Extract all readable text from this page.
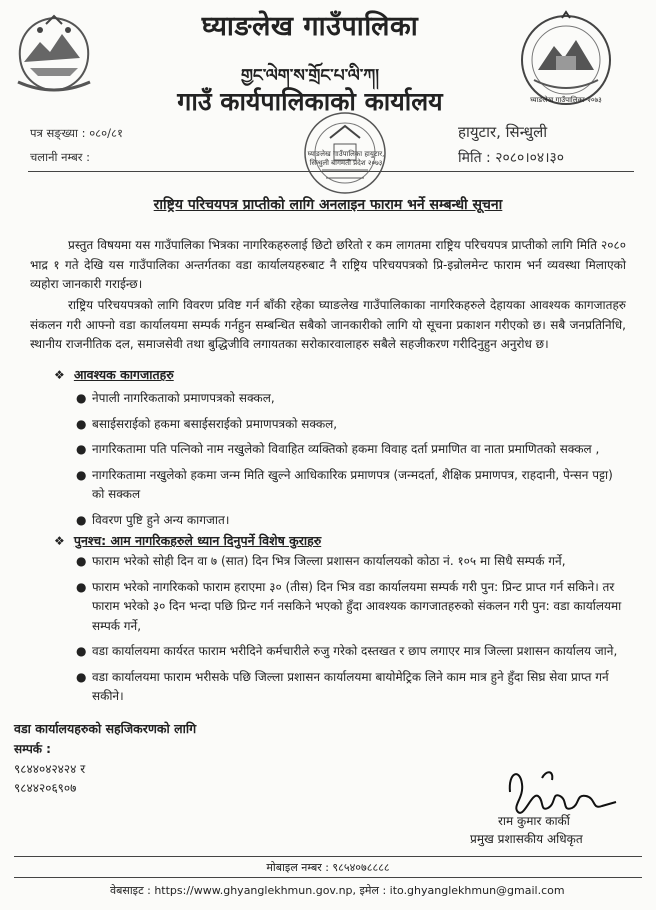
घ्याङलेख गाउँपालिका-२०७३
घ्याङलेख गाउँपालिका हायुटार, सिन्धुली बागमती प्रदेश २०७३
घ्याङलेख गाउँपालिका
གྱང་ལེག་ས་གྲོང་པ་ལི་ཀ།
गाउँ कार्यपालिकाको कार्यालय
पत्र सङ्ख्या : ०८०/८१
चलानी नम्बर :
हायुटार, सिन्धुली
मिति : २०८०।०४।३०
राष्ट्रिय परिचयपत्र प्राप्तीको लागि अनलाइन फाराम भर्ने सम्बन्धी सूचना
प्रस्तुत विषयमा यस गाउँपालिका भित्रका नागरिकहरुलाई छिटो छरितो र कम लागतमा राष्ट्रिय परिचयपत्र प्राप्तीको लागि मिति २०८० भाद्र १ गते देखि यस गाउँपालिका अन्तर्गतका वडा कार्यालयहरुबाट नै राष्ट्रिय परिचयपत्रको प्रि-इन्रोलमेन्ट फाराम भर्न व्यवस्था मिलाएको व्यहोरा जानकारी गराईन्छ।
राष्ट्रिय परिचयपत्रको लागि विवरण प्रविष्ट गर्न बाँकी रहेका घ्याङलेख गाउँपालिकाका नागरिकहरुले देहायका आवश्यक कागजातहरु संकलन गरी आफ्नो वडा कार्यालयमा सम्पर्क गर्नहुन सम्बन्धित सबैको जानकारीको लागि यो सूचना प्रकाशन गरीएको छ। सबै जनप्रतिनिधि, स्थानीय राजनीतिक दल, समाजसेवी तथा बुद्धिजीवि लगायतका सरोकारवालाहरु सबैले सहजीकरण गरीदिनुहुन अनुरोध छ।
❖ आवश्यक कागजातहरु
● नेपाली नागरिकताको प्रमाणपत्रको सक्कल,
● बसाईसराईको हकमा बसाईसराईको प्रमाणपत्रको सक्कल,
● नागरिकतामा पति पत्निको नाम नखुलेको विवाहित व्यक्तिको हकमा विवाह दर्ता प्रमाणित वा नाता प्रमाणितको सक्कल ,
● नागरिकतामा नखुलेको हकमा जन्म मिति खुल्ने आधिकारिक प्रमाणपत्र (जन्मदर्ता, शैक्षिक प्रमाणपत्र, राहदानी, पेन्सन पट्टा) को सक्कल
● विवरण पुष्टि हुने अन्य कागजात।
❖ पुनश्च: आम नागरिकहरुले ध्यान दिनुपर्ने विशेष कुराहरु
● फाराम भरेको सोही दिन वा ७ (सात) दिन भित्र जिल्ला प्रशासन कार्यालयको कोठा नं. १०५ मा सिधै सम्पर्क गर्ने,
● फाराम भरेको नागरिकको फाराम हराएमा ३० (तीस) दिन भित्र वडा कार्यालयमा सम्पर्क गरी पुन: प्रिन्ट प्राप्त गर्न सकिने। तर फाराम भरेको ३० दिन भन्दा पछि प्रिन्ट गर्न नसकिने भएको हुँदा आवश्यक कागजातहरुको संकलन गरी पुन: वडा कार्यालयमा सम्पर्क गर्ने,
● वडा कार्यालयमा कार्यरत फाराम भरीदिने कर्मचारीले रुजु गरेको दस्तखत र छाप लगाएर मात्र जिल्ला प्रशासन कार्यालय जाने,
● वडा कार्यालयमा फाराम भरीसके पछि जिल्ला प्रशासन कार्यालयमा बायोमेट्रिक लिने काम मात्र हुने हुँदा सिघ्र सेवा प्राप्त गर्न सकीने।
वडा कार्यालयहरुको सहजिकरणको लागि
सम्पर्क :
९८४४०४२४२४ र
९८४४२०६९०७
राम कुमार कार्की
प्रमुख प्रशासकीय अधिकृत
मोबाइल नम्बर : ९८५४०७८८८८
वेबसाइट : https://www.ghyanglekhmun.gov.np, इमेल : ito.ghyanglekhmun@gmail.com
